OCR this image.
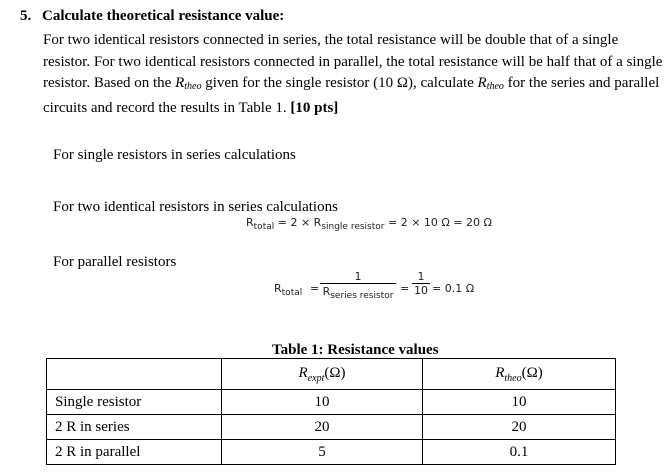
5. Calculate theoretical resistance value:
For two identical resistors connected in series, the total resistance will be double that of a single resistor. For two identical resistors connected in parallel, the total resistance will be half that of a single resistor. Based on the $R_{theo}$ given for the single resistor (10 Ω), calculate $R_{theo}$ for the series and parallel circuits and record the results in Table 1. [10 pts]
For single resistors in series calculations
For two identical resistors in series calculations
$R_{total} = 2 \times R_{single resistor} = 2 \times 10$ Ω = 20 Ω
For parallel resistors
$R_{total}$ =
1
$R_{series resistor}$
=
1
10 = 0.1 Ω
Table 1: Resistance values
	$R_{expt}(\Omega)$	$R_{theo}(\Omega)$
Single resistor	10	10
2 R in series	20	20
2 R in parallel	5	0.1
